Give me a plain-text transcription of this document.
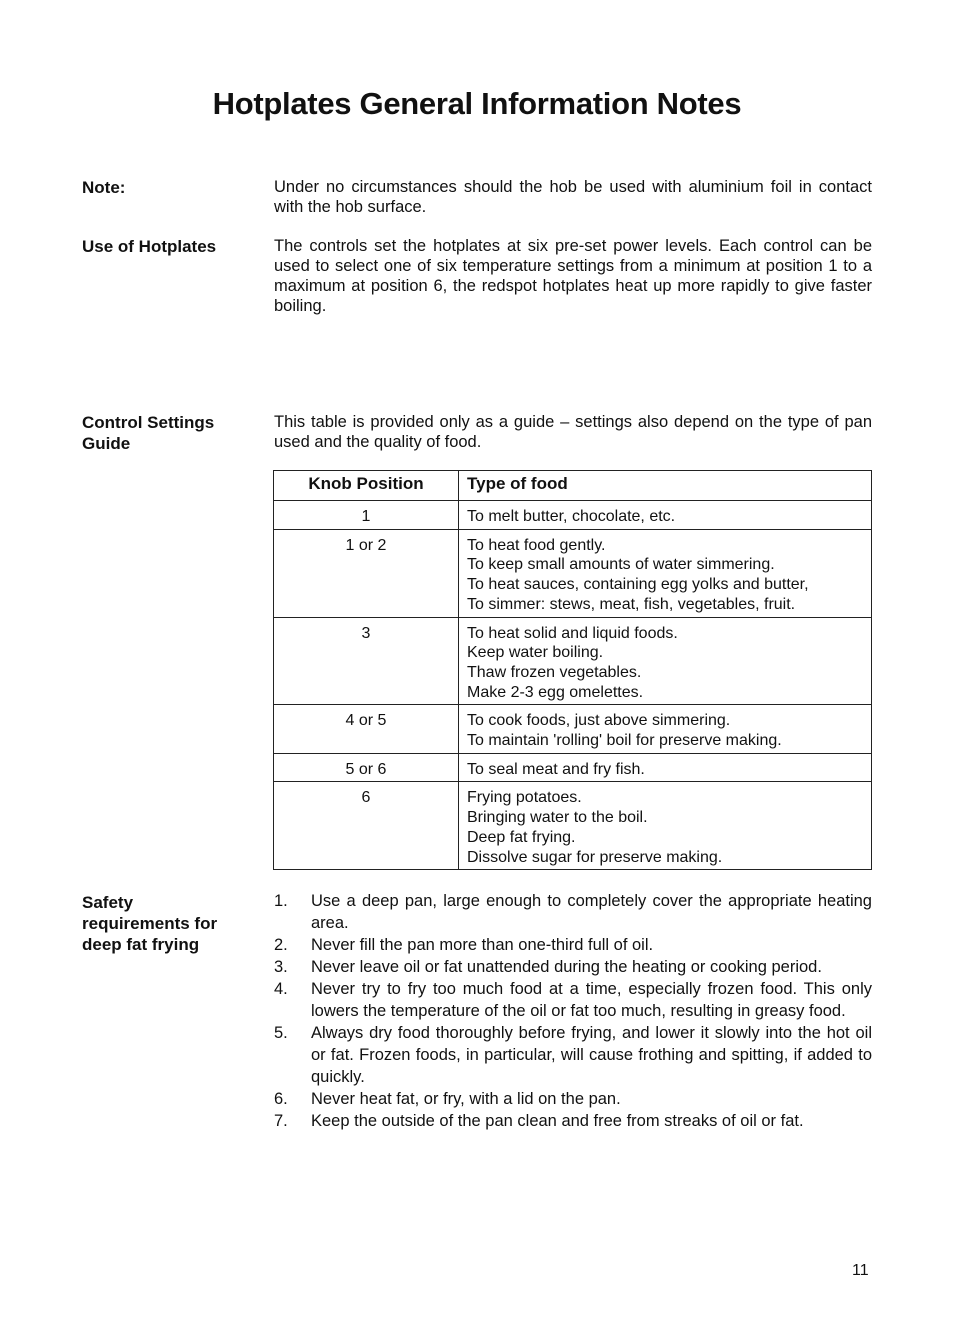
Hotplates General Information Notes
Note:	Under no circumstances should the hob be used with aluminium foil in contact with the hob surface.
Use of Hotplates	The controls set the hotplates at six pre-set power levels. Each control can be used to select one of six temperature settings from a minimum at position 1 to a maximum at position 6, the redspot hotplates heat up more rapidly to give faster boiling.
Control Settings
Guide
This table is provided only as a guide – settings also depend on the type of pan used and the quality of food.
Knob Position	Type of food
1	To melt butter, chocolate, etc.

1 or 2	To heat food gently.
To keep small amounts of water simmering.
To heat sauces, containing egg yolks and butter,
To simmer: stews, meat, fish, vegetables, fruit.

3	To heat solid and liquid foods.
Keep water boiling.
Thaw frozen vegetables.
Make 2-3 egg omelettes.

4 or 5	To cook foods, just above simmering.
To maintain 'rolling' boil for preserve making.

5 or 6	To seal meat and fry fish.

6	Frying potatoes.
Bringing water to the boil.
Deep fat frying.
Dissolve sugar for preserve making.
Safety
requirements for
deep fat frying
1. Use a deep pan, large enough to completely cover the appropriate heating area.
2. Never fill the pan more than one-third full of oil.
3. Never leave oil or fat unattended during the heating or cooking period.
4. Never try to fry too much food at a time, especially frozen food. This only lowers the temperature of the oil or fat too much, resulting in greasy food.
5. Always dry food thoroughly before frying, and lower it slowly into the hot oil or fat. Frozen foods, in particular, will cause frothing and spitting, if added to quickly.
6. Never heat fat, or fry, with a lid on the pan.
7. Keep the outside of the pan clean and free from streaks of oil or fat.
11
